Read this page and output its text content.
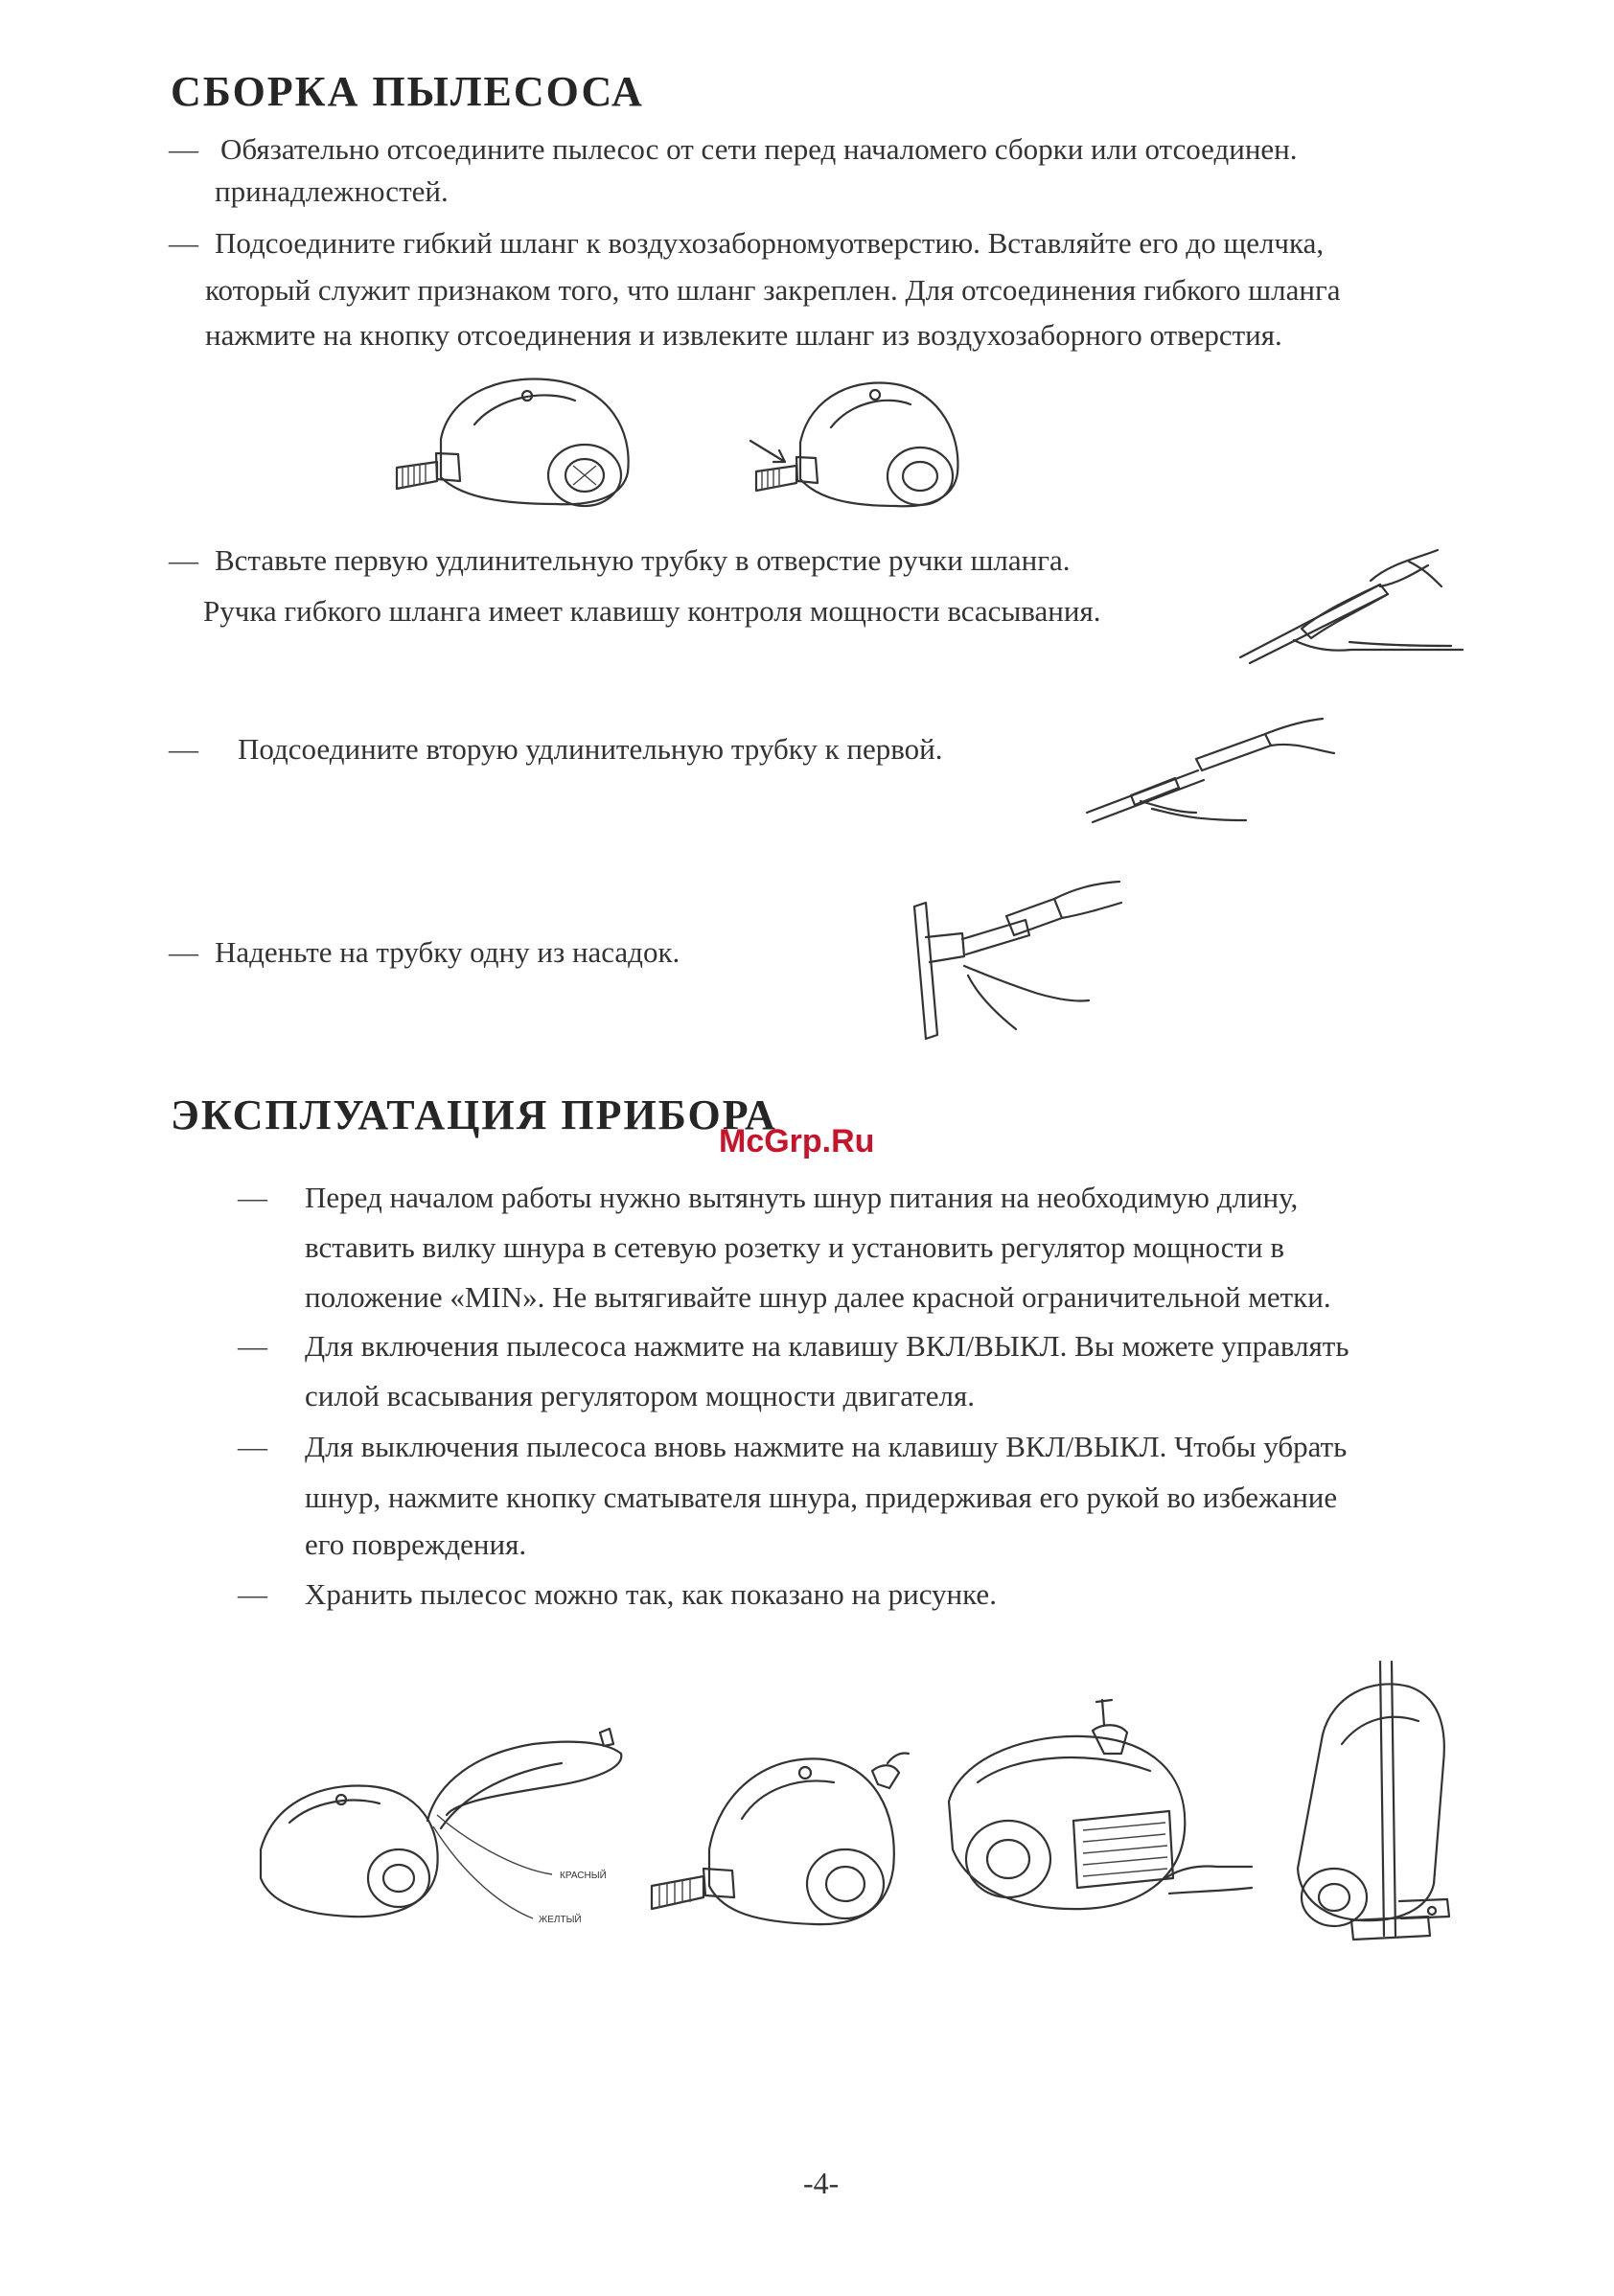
СБОРКА ПЫЛЕСОСА
— Обязательно отсоедините пылесос от сети перед началомего сборки или отсоединен.
принадлежностей.
— Подсоедините гибкий шланг к воздухозаборномуотверстию. Вставляйте его до щелчка,
который служит признаком того, что шланг закреплен. Для отсоединения гибкого шланга
нажмите на кнопку отсоединения и извлеките шланг из воздухозаборного отверстия.
— Вставьте первую удлинительную трубку в отверстие ручки шланга.
Ручка гибкого шланга имеет клавишу контроля мощности всасывания.
— Подсоедините вторую удлинительную трубку к первой.
— Наденьте на трубку одну из насадок.
ЭКСПЛУАТАЦИЯ ПРИБОРА
McGrp.Ru
— Перед началом работы нужно вытянуть шнур питания на необходимую длину,
вставить вилку шнура в сетевую розетку и установить регулятор мощности в
положение «MIN». Не вытягивайте шнур далее красной ограничительной метки.
— Для включения пылесоса нажмите на клавишу ВКЛ/ВЫКЛ. Вы можете управлять
силой всасывания регулятором мощности двигателя.
— Для выключения пылесоса вновь нажмите на клавишу ВКЛ/ВЫКЛ. Чтобы убрать
шнур, нажмите кнопку сматывателя шнура, придерживая его рукой во избежание
его повреждения.
— Хранить пылесос можно так, как показано на рисунке.
КРАСНЫЙ
ЖЕЛТЫЙ
-4-
